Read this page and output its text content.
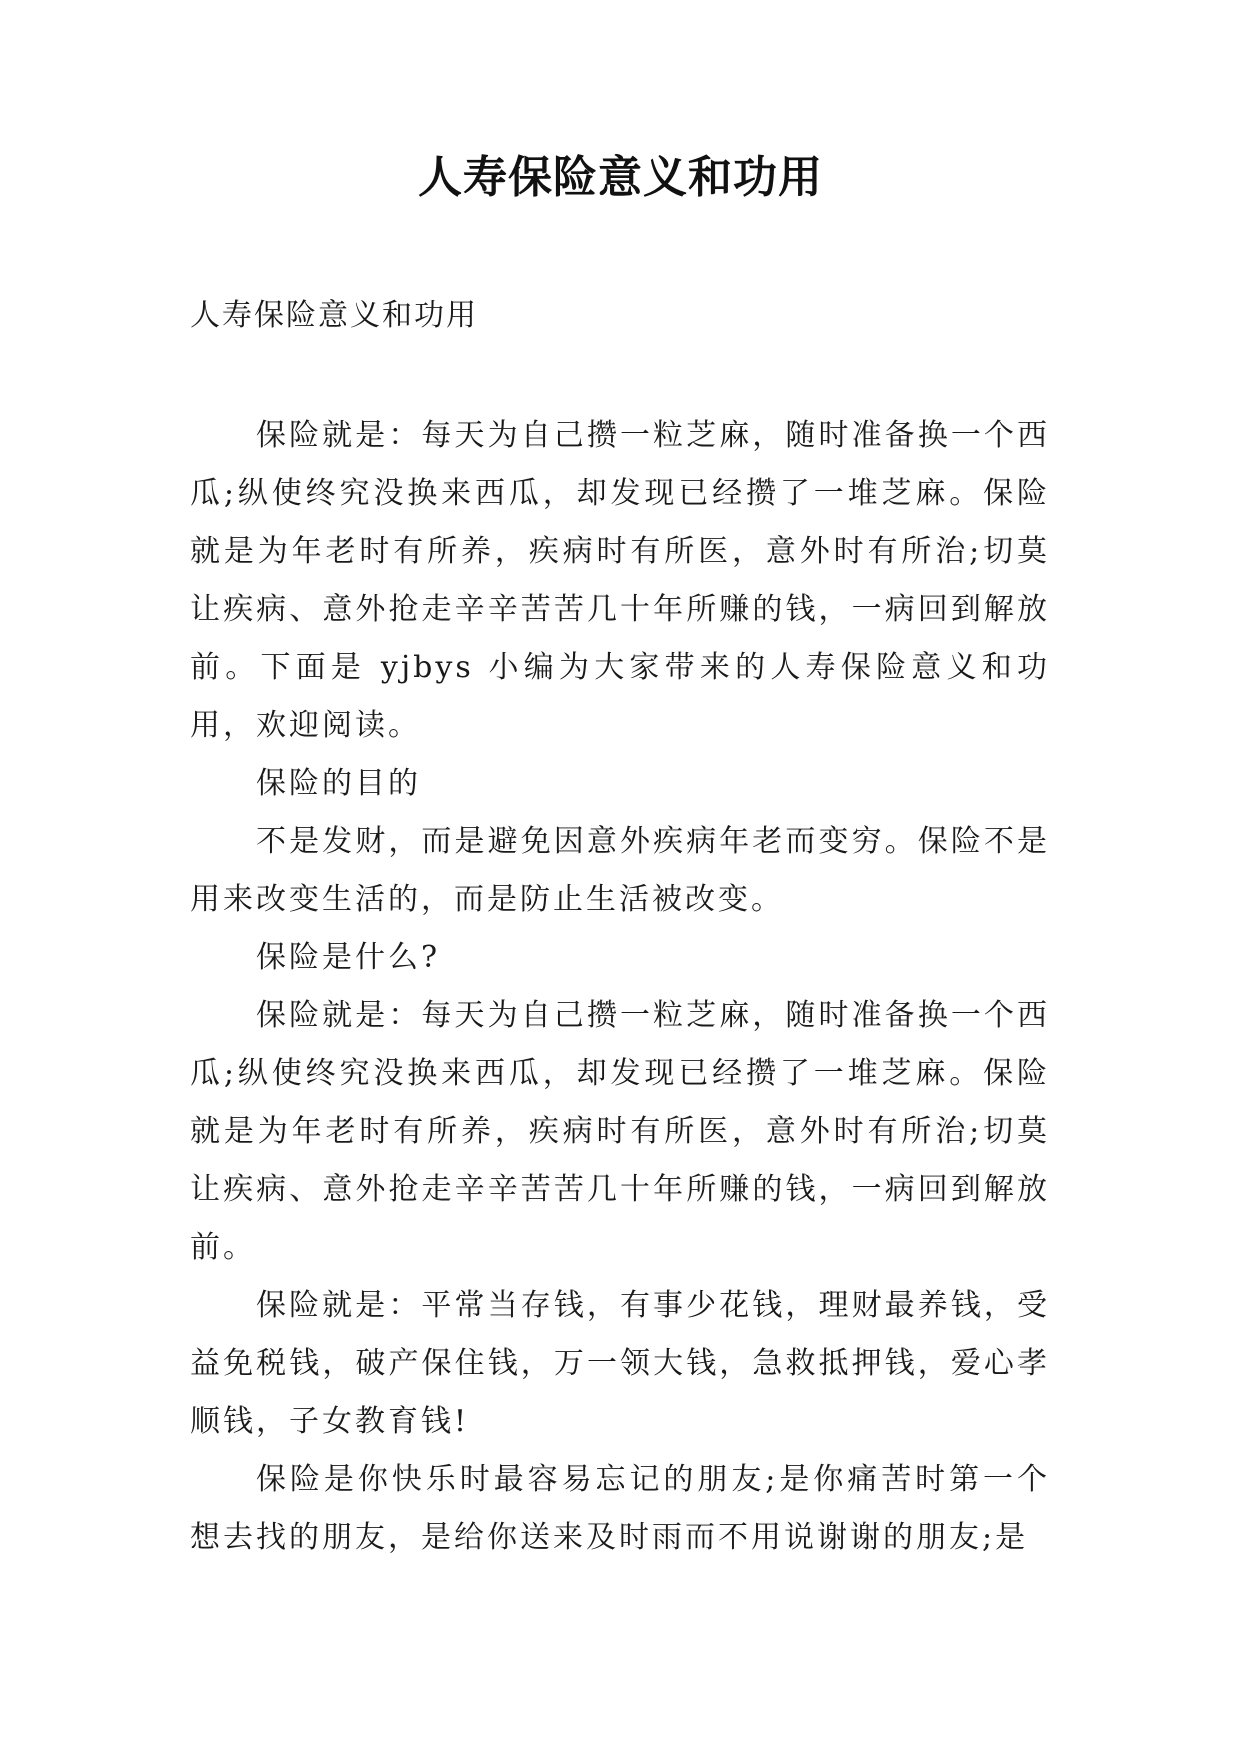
人寿保险意义和功用

人寿保险意义和功用

保险就是：每天为自己攒一粒芝麻，随时准备换一个西瓜;纵使终究没换来西瓜，却发现已经攒了一堆芝麻。保险就是为年老时有所养，疾病时有所医，意外时有所治;切莫让疾病、意外抢走辛辛苦苦几十年所赚的钱，一病回到解放前。下面是 yjbys 小编为大家带来的人寿保险意义和功用，欢迎阅读。

保险的目的

不是发财，而是避免因意外疾病年老而变穷。保险不是用来改变生活的，而是防止生活被改变。

保险是什么?

保险就是：每天为自己攒一粒芝麻，随时准备换一个西瓜;纵使终究没换来西瓜，却发现已经攒了一堆芝麻。保险就是为年老时有所养，疾病时有所医，意外时有所治;切莫让疾病、意外抢走辛辛苦苦几十年所赚的钱，一病回到解放前。

保险就是：平常当存钱，有事少花钱，理财最养钱，受益免税钱，破产保住钱，万一领大钱，急救抵押钱，爱心孝顺钱，子女教育钱!

保险是你快乐时最容易忘记的朋友;是你痛苦时第一个想去找的朋友，是给你送来及时雨而不用说谢谢的朋友;是
